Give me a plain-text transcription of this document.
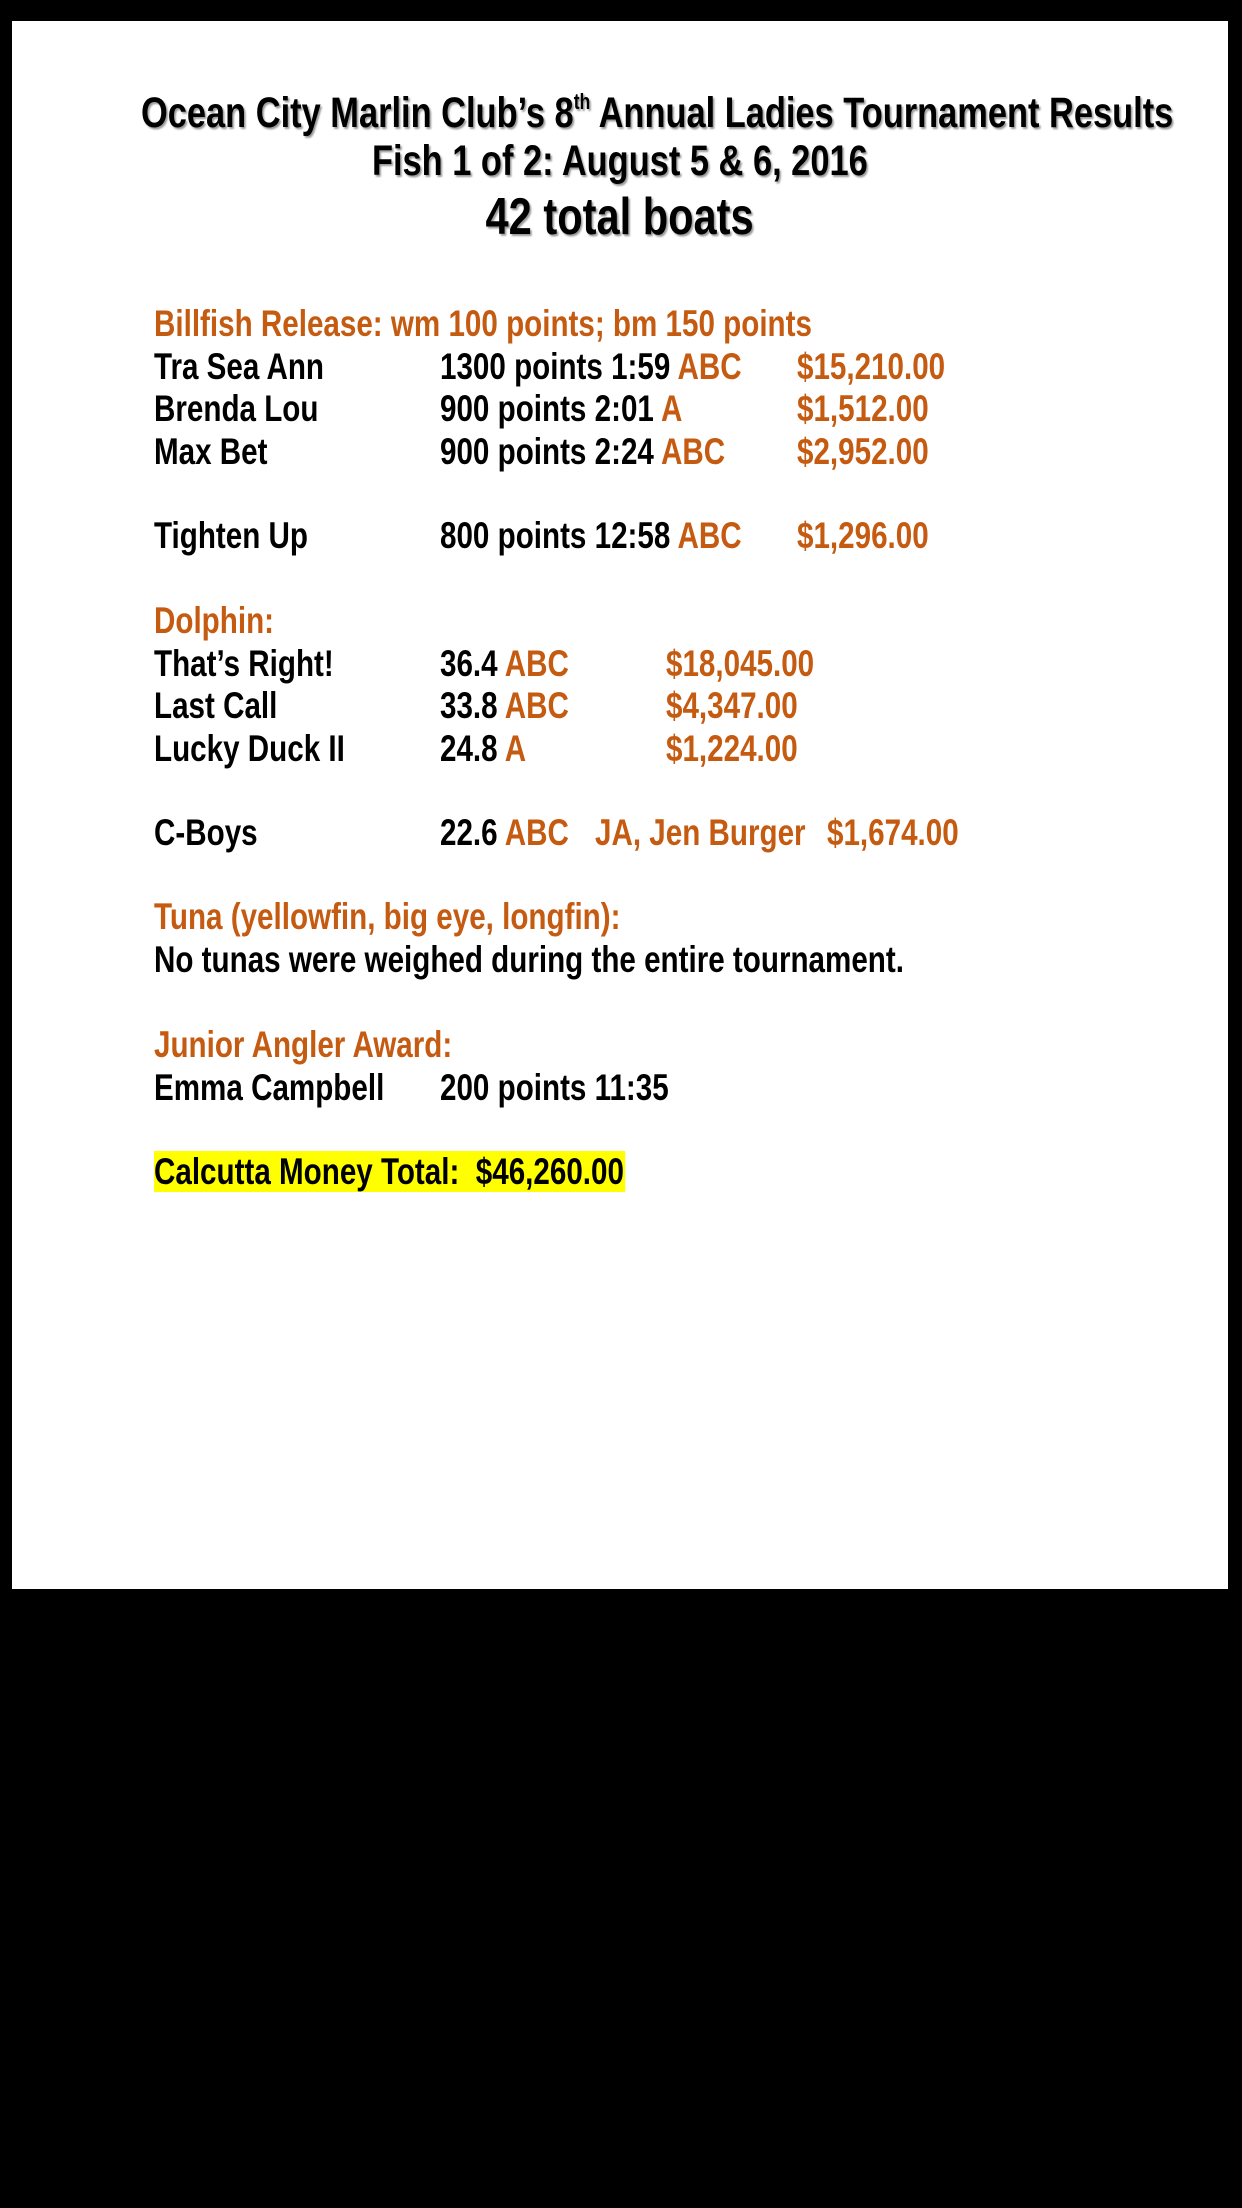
Ocean City Marlin Club’s 8th Annual Ladies Tournament Results
Fish 1 of 2: August 5 & 6, 2016
42 total boats
Billfish Release: wm 100 points; bm 150 points
Tra Sea Ann	1300 points 1:59 ABC $15,210.00
Brenda Lou	900 points 2:01 A	$1,512.00
Max Bet	900 points 2:24 ABC $2,952.00
Tighten Up	800 points 12:58 ABC $1,296.00
Dolphin:
That’s Right!	36.4 ABC	$18,045.00
Last Call	33.8 ABC	$4,347.00
Lucky Duck II	24.8 A	$1,224.00
C-Boys	22.6 ABC JA, Jen Burger $1,674.00
Tuna (yellowfin, big eye, longfin):
No tunas were weighed during the entire tournament.
Junior Angler Award:
Emma Campbell 200 points 11:35
Calcutta Money Total:  $46,260.00
